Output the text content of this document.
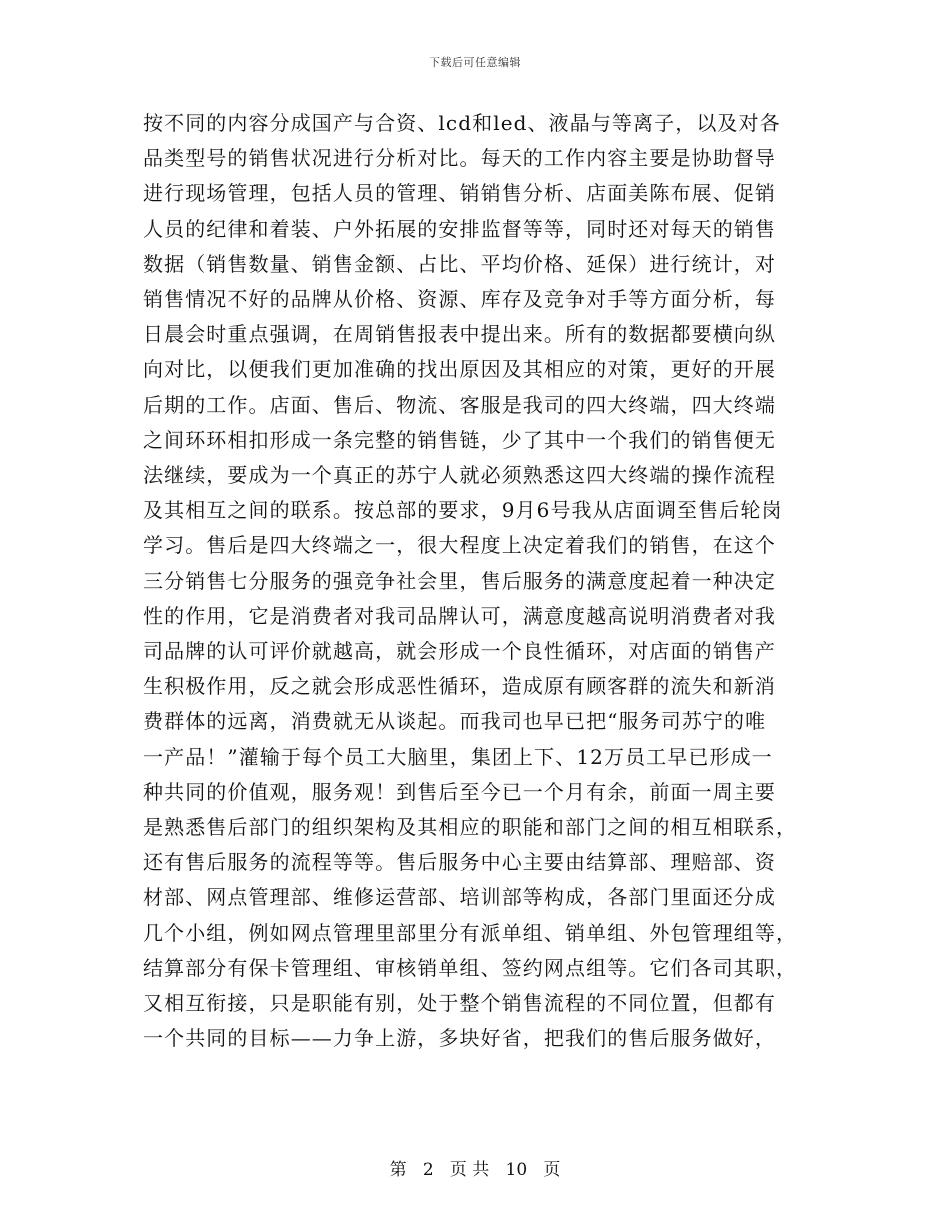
下载后可任意编辑
按不同的内容分成国产与合资、lcd和led、液晶与等离子，以及对各
品类型号的销售状况进行分析对比。每天的工作内容主要是协助督导
进行现场管理，包括人员的管理、销销售分析、店面美陈布展、促销
人员的纪律和着装、户外拓展的安排监督等等，同时还对每天的销售
数据（销售数量、销售金额、占比、平均价格、延保）进行统计，对
销售情况不好的品牌从价格、资源、库存及竞争对手等方面分析，每
日晨会时重点强调，在周销售报表中提出来。所有的数据都要横向纵
向对比，以便我们更加准确的找出原因及其相应的对策，更好的开展
后期的工作。店面、售后、物流、客服是我司的四大终端，四大终端
之间环环相扣形成一条完整的销售链，少了其中一个我们的销售便无
法继续，要成为一个真正的苏宁人就必须熟悉这四大终端的操作流程
及其相互之间的联系。按总部的要求，9月6号我从店面调至售后轮岗
学习。售后是四大终端之一，很大程度上决定着我们的销售，在这个
三分销售七分服务的强竞争社会里，售后服务的满意度起着一种决定
性的作用，它是消费者对我司品牌认可，满意度越高说明消费者对我
司品牌的认可评价就越高，就会形成一个良性循环，对店面的销售产
生积极作用，反之就会形成恶性循环，造成原有顾客群的流失和新消
费群体的远离，消费就无从谈起。而我司也早已把“服务司苏宁的唯
一产品！”灌输于每个员工大脑里，集团上下、12万员工早已形成一
种共同的价值观，服务观！到售后至今已一个月有余，前面一周主要
是熟悉售后部门的组织架构及其相应的职能和部门之间的相互相联系，
还有售后服务的流程等等。售后服务中心主要由结算部、理赔部、资
材部、网点管理部、维修运营部、培训部等构成，各部门里面还分成
几个小组，例如网点管理里部里分有派单组、销单组、外包管理组等，
结算部分有保卡管理组、审核销单组、签约网点组等。它们各司其职，
又相互衔接，只是职能有别，处于整个销售流程的不同位置，但都有
一个共同的目标——力争上游，多块好省，把我们的售后服务做好，
第 2 页 共 10 页
